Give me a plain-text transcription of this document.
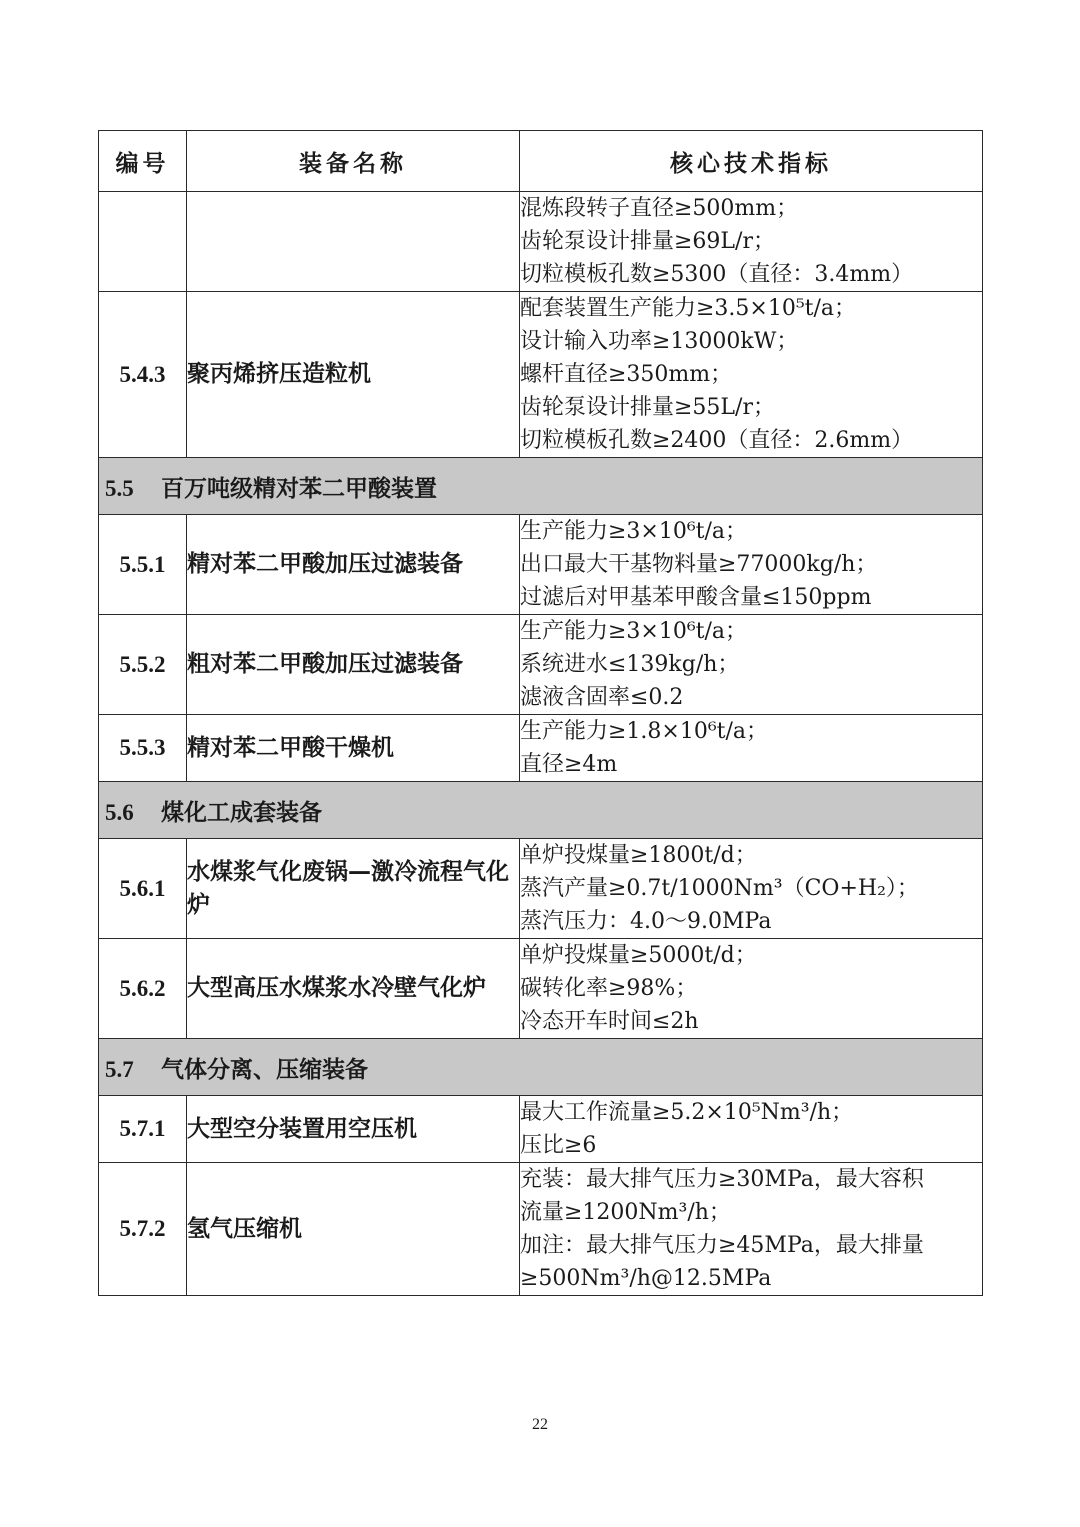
编号	装备名称	核心技术指标

		混炼段转子直径≥500mm；
齿轮泵设计排量≥69L/r；
切粒模板孔数≥5300（直径：3.4mm）

5.4.3	聚丙烯挤压造粒机	配套装置生产能力≥3.5×10⁵t/a；
设计输入功率≥13000kW；
螺杆直径≥350mm；
齿轮泵设计排量≥55L/r；
切粒模板孔数≥2400（直径：2.6mm）

5.5 百万吨级精对苯二甲酸装置		
5.5.1	精对苯二甲酸加压过滤装备	生产能力≥3×10⁶t/a；
出口最大干基物料量≥77000kg/h；
过滤后对甲基苯甲酸含量≤150ppm

5.5.2	粗对苯二甲酸加压过滤装备	生产能力≥3×10⁶t/a；
系统进水≤139kg/h；
滤液含固率≤0.2

5.5.3	精对苯二甲酸干燥机	生产能力≥1.8×10⁶t/a；
直径≥4m

5.6 煤化工成套装备		
5.6.1	水煤浆气化废锅—激冷流程气化炉	单炉投煤量≥1800t/d；
蒸汽产量≥0.7t/1000Nm³（CO+H₂）；
蒸汽压力：4.0～9.0MPa

5.6.2	大型高压水煤浆水冷壁气化炉	单炉投煤量≥5000t/d；
碳转化率≥98%；
冷态开车时间≤2h

5.7 气体分离、压缩装备		
5.7.1	大型空分装置用空压机	最大工作流量≥5.2×10⁵Nm³/h；
压比≥6

5.7.2	氢气压缩机	充装：最大排气压力≥30MPa，最大容积
流量≥1200Nm³/h；
加注：最大排气压力≥45MPa，最大排量
≥500Nm³/h@12.5MPa
22
